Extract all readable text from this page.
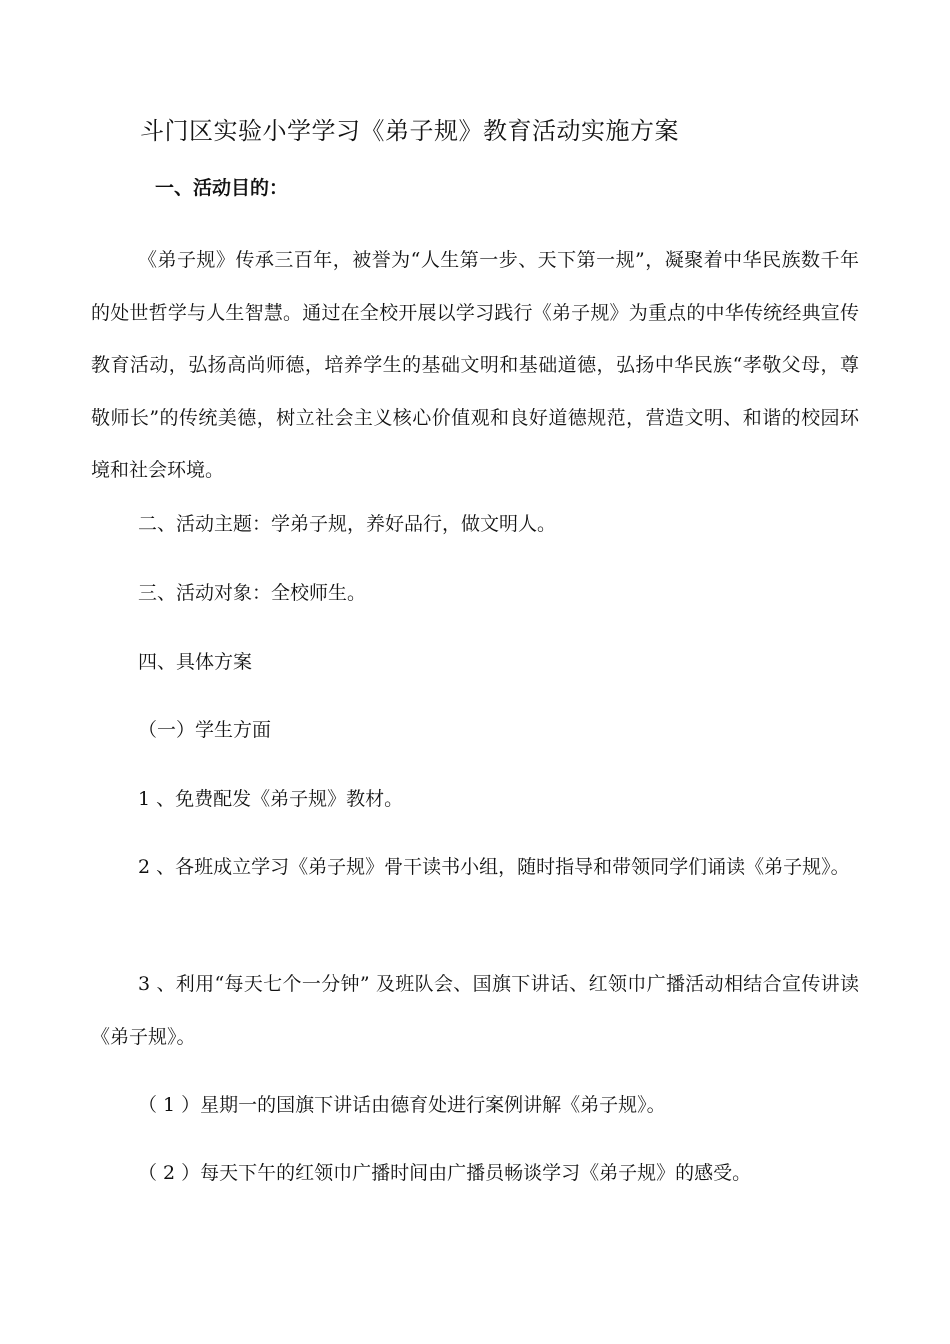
斗门区实验小学学习《弟子规》教育活动实施方案

一、活动目的：

《弟子规》传承三百年，被誉为“人生第一步、天下第一规”，凝聚着中华民族数千年的处世哲学与人生智慧。通过在全校开展以学习践行《弟子规》为重点的中华传统经典宣传教育活动，弘扬高尚师德，培养学生的基础文明和基础道德，弘扬中华民族“孝敬父母，尊敬师长”的传统美德，树立社会主义核心价值观和良好道德规范，营造文明、和谐的校园环境和社会环境。

二、活动主题：学弟子规，养好品行，做文明人。

三、活动对象：全校师生。

四、具体方案

（一）学生方面

1 、免费配发《弟子规》教材。

2 、各班成立学习《弟子规》骨干读书小组，随时指导和带领同学们诵读《弟子规》。

3 、利用“每天七个一分钟” 及班队会、国旗下讲话、红领巾广播活动相结合宣传讲读《弟子规》。

（ 1 ）星期一的国旗下讲话由德育处进行案例讲解《弟子规》。

（ 2 ）每天下午的红领巾广播时间由广播员畅谈学习《弟子规》的感受。
